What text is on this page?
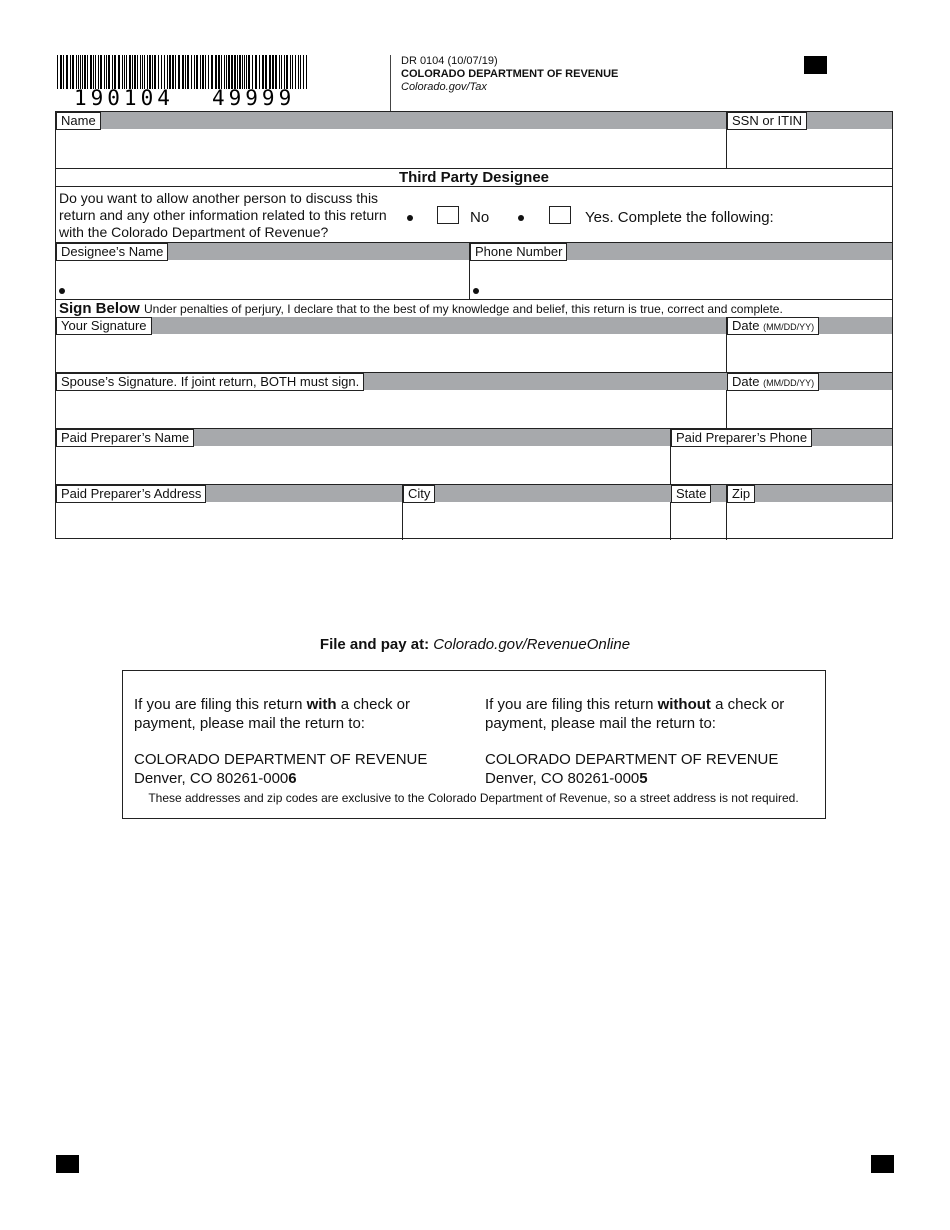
190104 49999
DR 0104 (10/07/19)
COLORADO DEPARTMENT OF REVENUE
Colorado.gov/Tax
Name	SSN or ITIN
Third Party Designee
Do you want to allow another person to discuss this
return and any other information related to this return
with the Colorado Department of Revenue?
No	Yes. Complete the following:
Designee’s Name	Phone Number
Sign Below Under penalties of perjury, I declare that to the best of my knowledge and belief, this return is true, correct and complete.
Your Signature	Date (MM/DD/YY)
Spouse’s Signature. If joint return, BOTH must sign.	Date (MM/DD/YY)
Paid Preparer’s Name	Paid Preparer’s Phone
Paid Preparer’s Address	City	State	Zip
File and pay at: Colorado.gov/RevenueOnline
If you are filing this return with a check or
payment, please mail the return to:
COLORADO DEPARTMENT OF REVENUE
Denver, CO 80261-0006
If you are filing this return without a check or
payment, please mail the return to:
COLORADO DEPARTMENT OF REVENUE
Denver, CO 80261-0005
These addresses and zip codes are exclusive to the Colorado Department of Revenue, so a street address is not required.
